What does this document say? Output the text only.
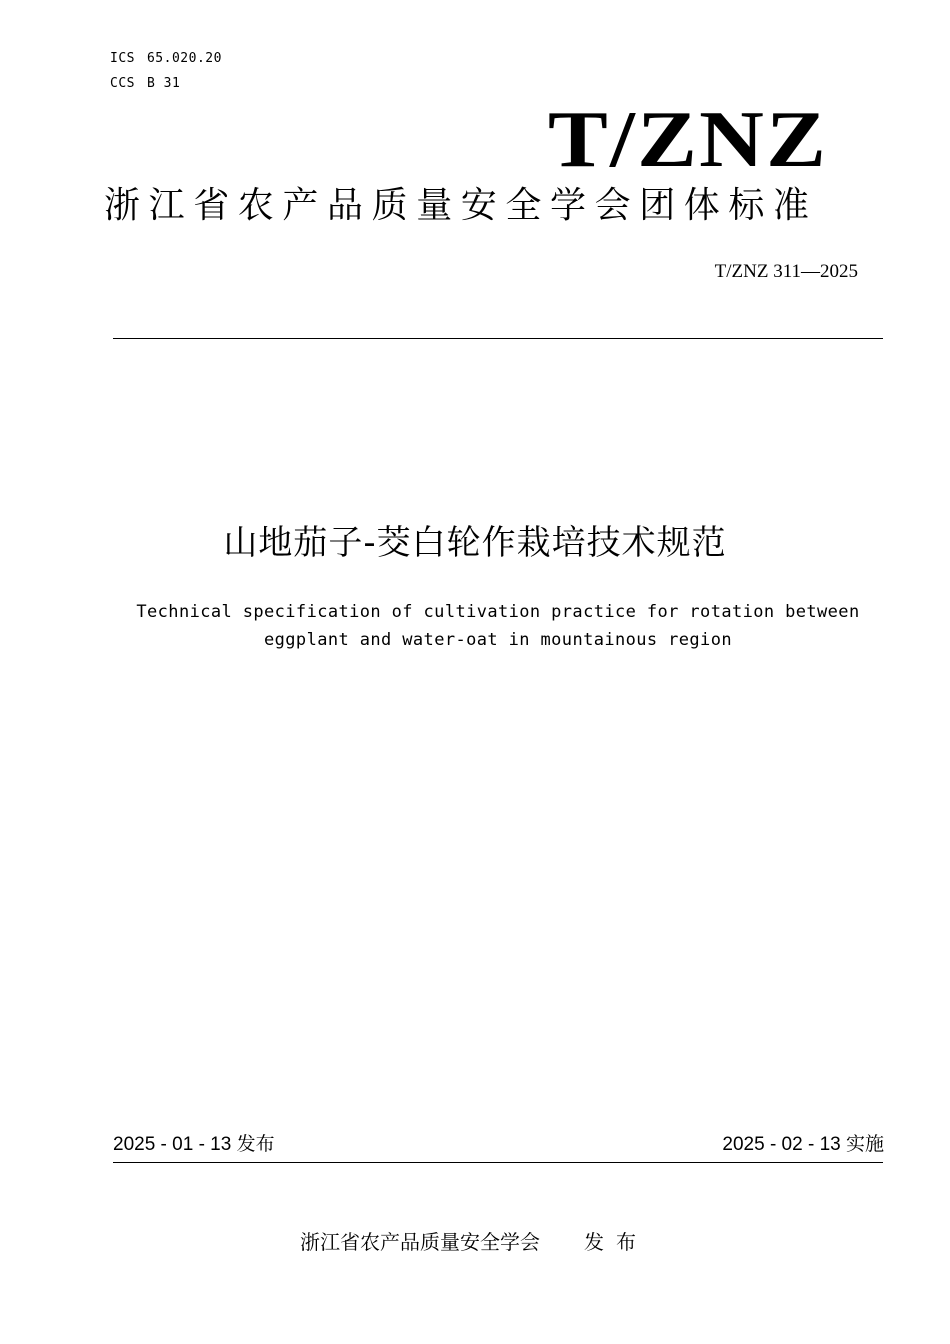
ICS 65.020.20
CCS B 31
T/ZNZ
浙江省农产品质量安全学会团体标准
T/ZNZ 311—2025
山地茄子-茭白轮作栽培技术规范
Technical specification of cultivation practice for rotation between
eggplant and water-oat in mountainous region
2025 - 01 - 13 发布	2025 - 02 - 13 实施
浙江省农产品质量安全学会 发布
